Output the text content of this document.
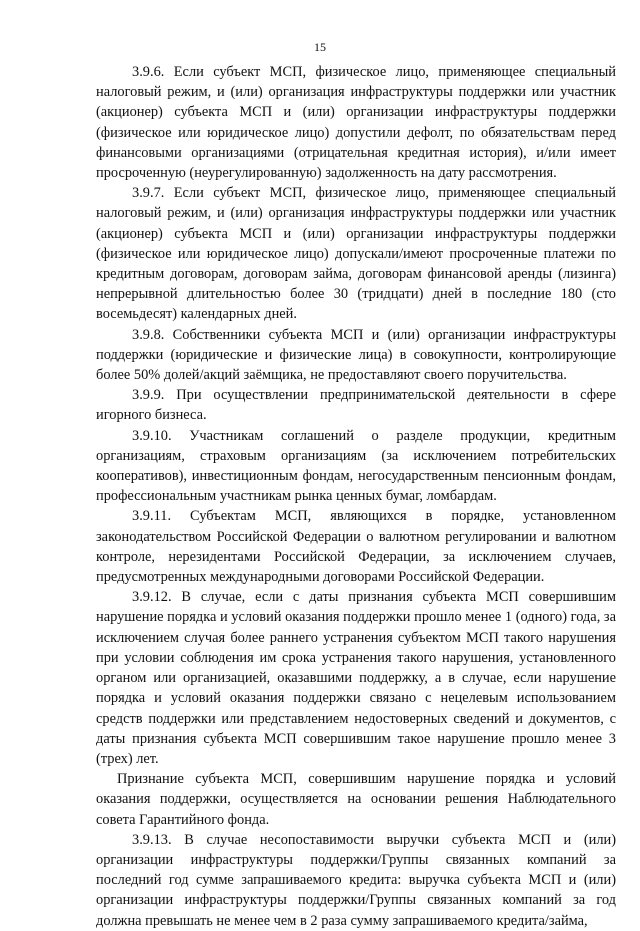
15

3.9.6. Если субъект МСП, физическое лицо, применяющее специальный налоговый режим, и (или) организация инфраструктуры поддержки или участник (акционер) субъекта МСП и (или) организации инфраструктуры поддержки (физическое или юридическое лицо) допустили дефолт, по обязательствам перед финансовыми организациями (отрицательная кредитная история), и/или имеет просроченную (неурегулированную) задолженность на дату рассмотрения.

3.9.7. Если субъект МСП, физическое лицо, применяющее специальный налоговый режим, и (или) организация инфраструктуры поддержки или участник (акционер) субъекта МСП и (или) организации инфраструктуры поддержки (физическое или юридическое лицо) допускали/имеют просроченные платежи по кредитным договорам, договорам займа, договорам финансовой аренды (лизинга) непрерывной длительностью более 30 (тридцати) дней в последние 180 (сто восемьдесят) календарных дней.

3.9.8. Собственники субъекта МСП и (или) организации инфраструктуры поддержки (юридические и физические лица) в совокупности, контролирующие более 50% долей/акций заёмщика, не предоставляют своего поручительства.

3.9.9. При осуществлении предпринимательской деятельности в сфере игорного бизнеса.

3.9.10. Участникам соглашений о разделе продукции, кредитным организациям, страховым организациям (за исключением потребительских кооперативов), инвестиционным фондам, негосударственным пенсионным фондам, профессиональным участникам рынка ценных бумаг, ломбардам.

3.9.11. Субъектам МСП, являющихся в порядке, установленном законодательством Российской Федерации о валютном регулировании и валютном контроле, нерезидентами Российской Федерации, за исключением случаев, предусмотренных международными договорами Российской Федерации.

3.9.12. В случае, если с даты признания субъекта МСП совершившим нарушение порядка и условий оказания поддержки прошло менее 1 (одного) года, за исключением случая более раннего устранения субъектом МСП такого нарушения при условии соблюдения им срока устранения такого нарушения, установленного органом или организацией, оказавшими поддержку, а в случае, если нарушение порядка и условий оказания поддержки связано с нецелевым использованием средств поддержки или представлением недостоверных сведений и документов, с даты признания субъекта МСП совершившим такое нарушение прошло менее 3 (трех) лет.

Признание субъекта МСП, совершившим нарушение порядка и условий оказания поддержки, осуществляется на основании решения Наблюдательного совета Гарантийного фонда.

3.9.13. В случае несопоставимости выручки субъекта МСП и (или) организации инфраструктуры поддержки/Группы связанных компаний за последний год сумме запрашиваемого кредита: выручка субъекта МСП и (или) организации инфраструктуры поддержки/Группы связанных компаний за год должна превышать не менее чем в 2 раза сумму запрашиваемого кредита/займа,
